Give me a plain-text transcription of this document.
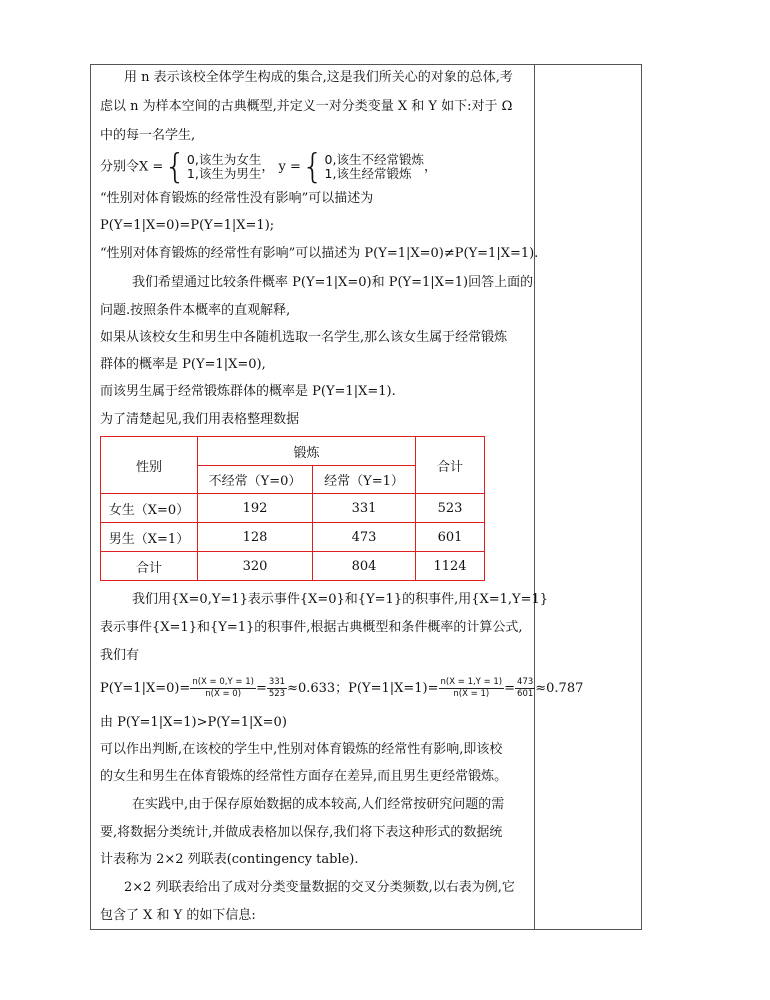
用 n 表示该校全体学生构成的集合,这是我们所关心的对象的总体,考
虑以 n 为样本空间的古典概型,并定义一对分类变量 X 和 Y 如下:对于 Ω
中的每一名学生,
分别令X ={ 0,该生为女生
1,该生为男生 ， y ={ 0,该生不经常锻炼
1,该生经常锻炼 ，
“性别对体育锻炼的经常性没有影响”可以描述为
P(Y=1|X=0)=P(Y=1|X=1);
“性别对体育锻炼的经常性有影响”可以描述为 P(Y=1|X=0)≠P(Y=1|X=1).
我们希望通过比较条件概率 P(Y=1|X=0)和 P(Y=1|X=1)回答上面的
问题.按照条件本概率的直观解释,
如果从该校女生和男生中各随机选取一名学生,那么该女生属于经常锻炼
群体的概率是 P(Y=1|X=0),
而该男生属于经常锻炼群体的概率是 P(Y=1|X=1).
为了清楚起见,我们用表格整理数据
性别	锻炼		合计
	不经常（Y=0）	经常（Y=1）	
女生（X=0）	192	331	523
男生（X=1）	128	473	601
合计	320	804	1124
我们用{X=0,Y=1}表示事件{X=0}和{Y=1}的积事件,用{X=1,Y=1}
表示事件{X=1}和{Y=1}的积事件,根据古典概型和条件概率的计算公式,
我们有
$P(Y=1|X=0)= \frac{n(X = 0,Y = 1)}{n(X = 0)} = \frac{331}{523} \approx 0.633$；$P(Y=1|X=1)= \frac{n(X = 1,Y = 1)}{n(X = 1)} = \frac{473}{601} \approx 0.787$
由 P(Y=1|X=1)>P(Y=1|X=0)
可以作出判断,在该校的学生中,性别对体育锻炼的经常性有影响,即该校
的女生和男生在体育锻炼的经常性方面存在差异,而且男生更经常锻炼。
在实践中,由于保存原始数据的成本较高,人们经常按研究问题的需
要,将数据分类统计,并做成表格加以保存,我们将下表这种形式的数据统
计表称为 2×2 列联表(contingency table).
2×2 列联表给出了成对分类变量数据的交叉分类频数,以右表为例,它
包含了 X 和 Y 的如下信息:
